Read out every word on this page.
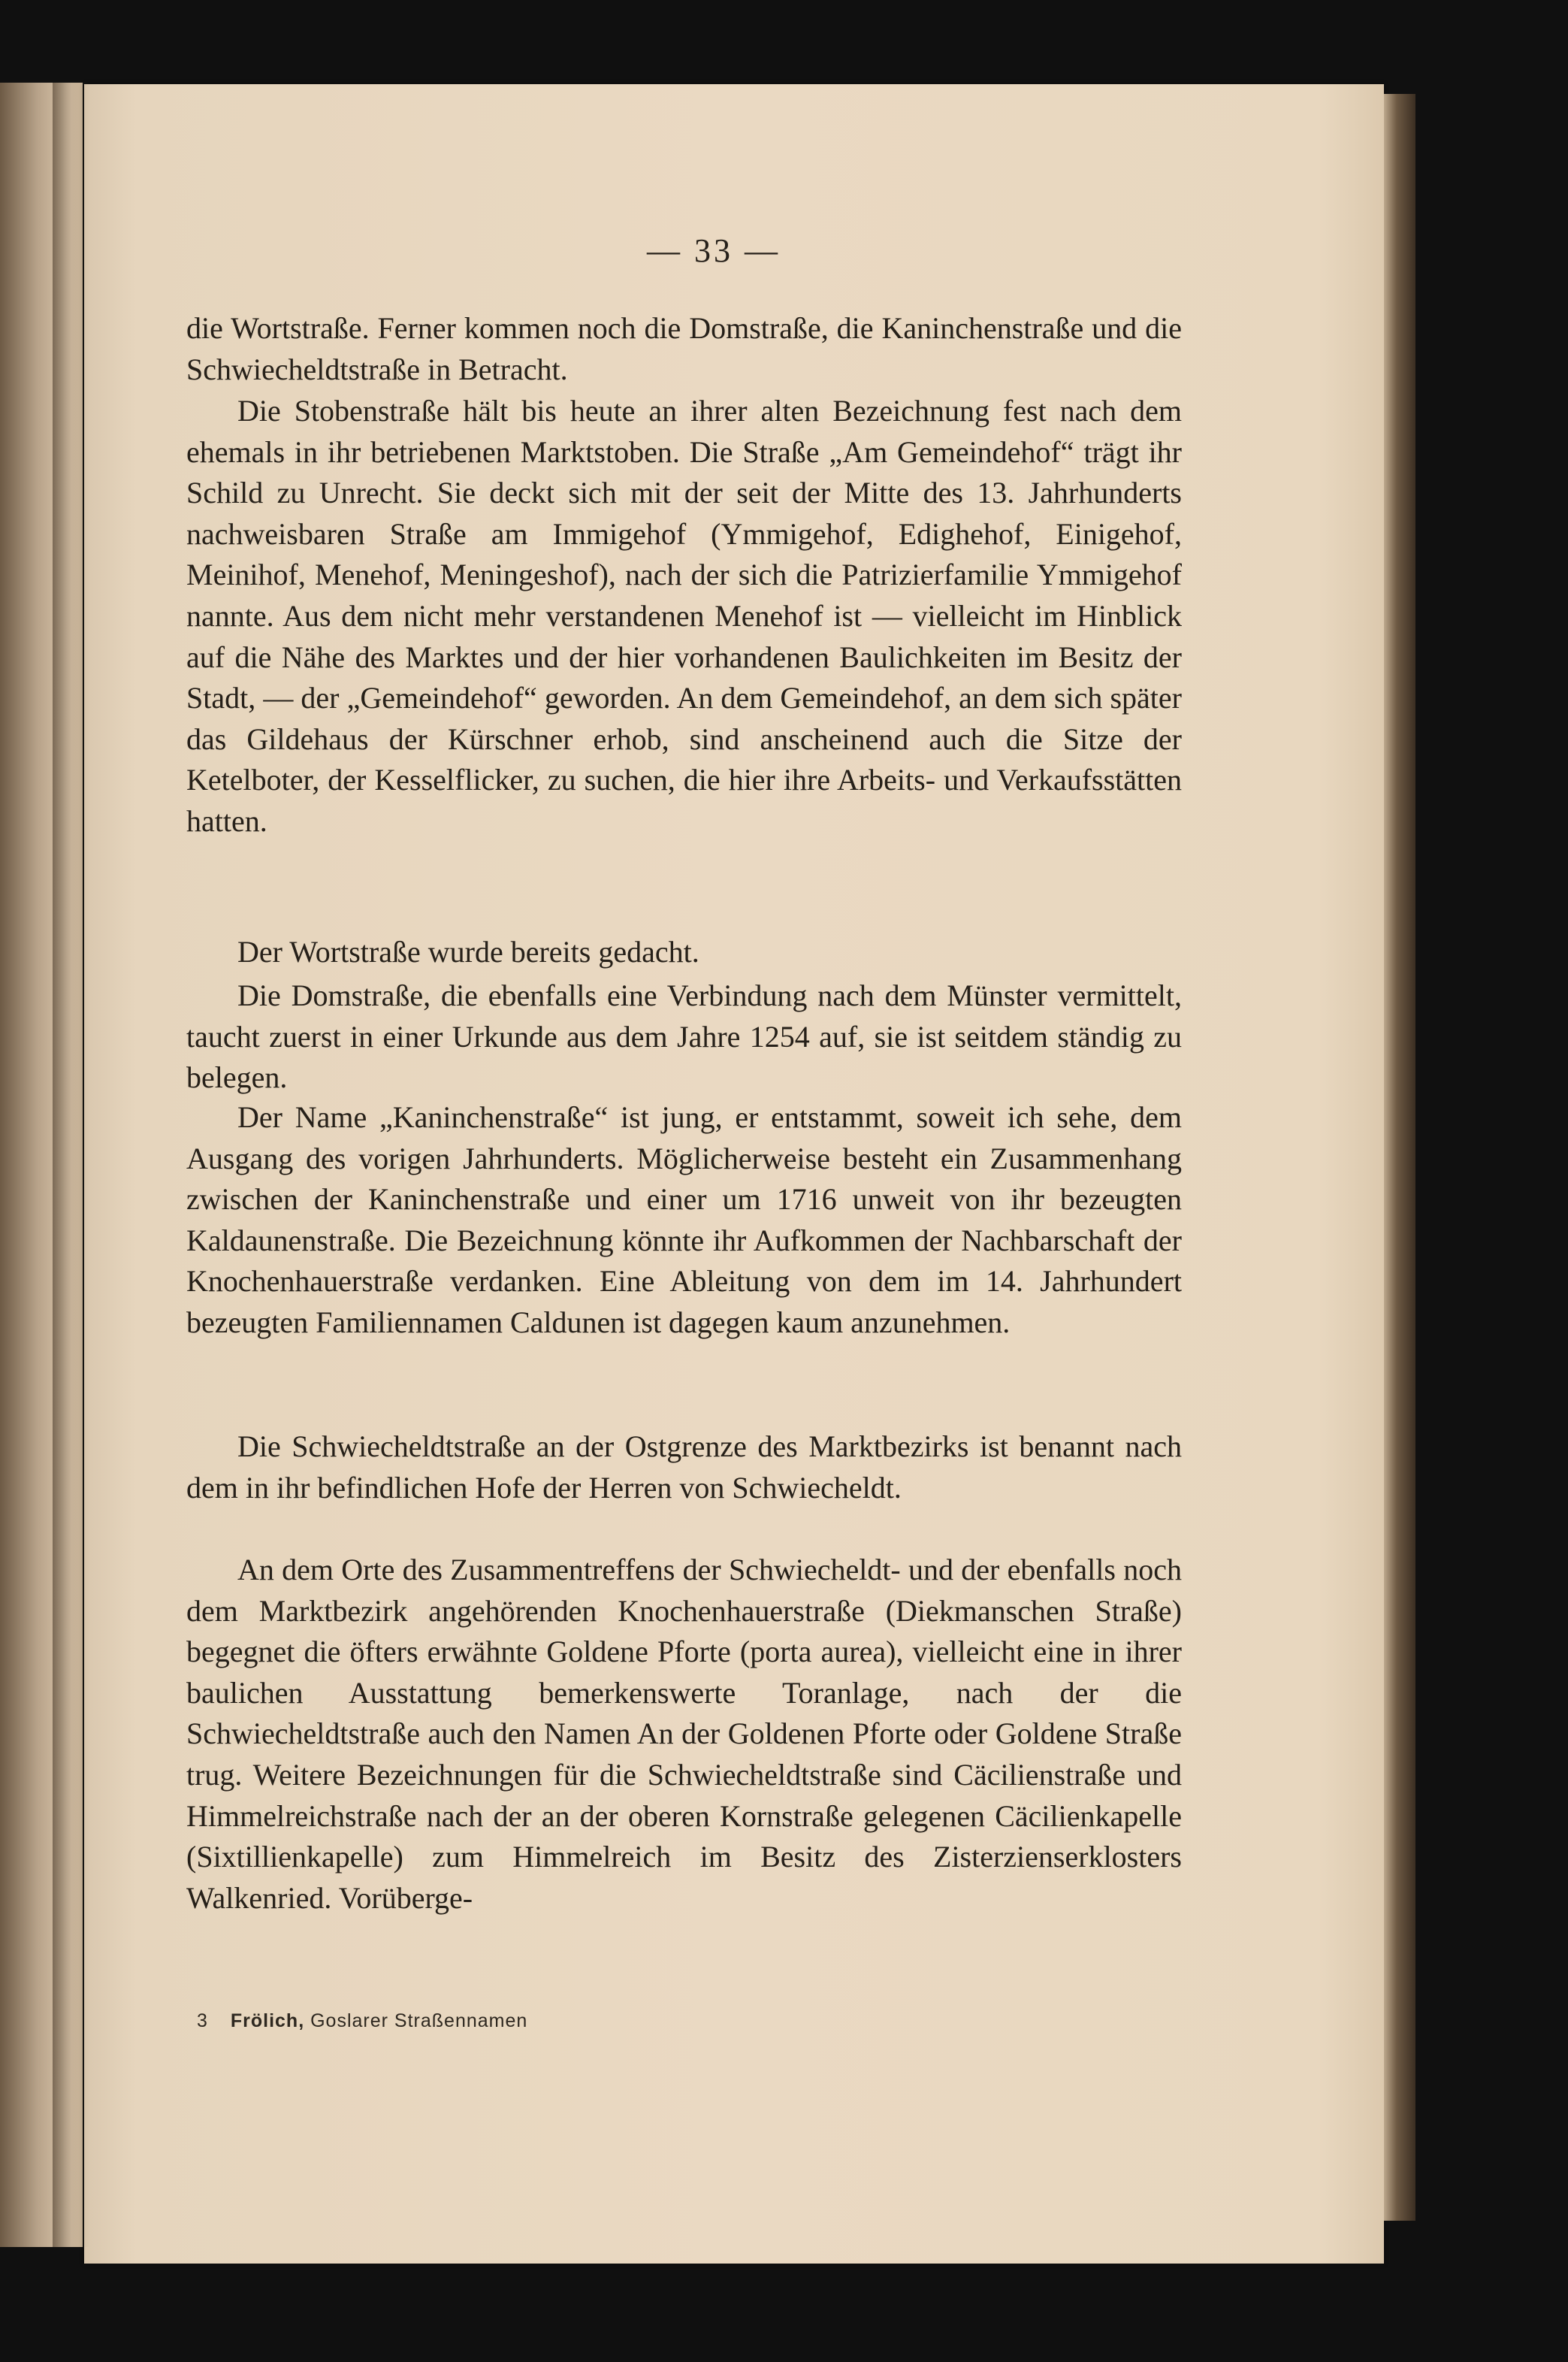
— 33 —
die Wortstraße. Ferner kommen noch die Domstraße, die Kaninchenstraße und die Schwiecheldtstraße in Betracht.
Die Stobenstraße hält bis heute an ihrer alten Bezeichnung fest nach dem ehemals in ihr betriebenen Marktstoben. Die Straße „Am Gemeindehof“ trägt ihr Schild zu Unrecht. Sie deckt sich mit der seit der Mitte des 13. Jahrhunderts nachweisbaren Straße am Immigehof (Ymmigehof, Edighehof, Einigehof, Meinihof, Menehof, Meningeshof), nach der sich die Patrizierfamilie Ymmigehof nannte. Aus dem nicht mehr verstandenen Menehof ist — vielleicht im Hinblick auf die Nähe des Marktes und der hier vorhandenen Baulichkeiten im Besitz der Stadt, — der „Gemeindehof“ geworden. An dem Gemeindehof, an dem sich später das Gildehaus der Kürschner erhob, sind anscheinend auch die Sitze der Ketelboter, der Kesselflicker, zu suchen, die hier ihre Arbeits- und Verkaufsstätten hatten.
Der Wortstraße wurde bereits gedacht.
Die Domstraße, die ebenfalls eine Verbindung nach dem Münster vermittelt, taucht zuerst in einer Urkunde aus dem Jahre 1254 auf, sie ist seitdem ständig zu belegen.
Der Name „Kaninchenstraße“ ist jung, er entstammt, soweit ich sehe, dem Ausgang des vorigen Jahrhunderts. Möglicherweise besteht ein Zusammenhang zwischen der Kaninchenstraße und einer um 1716 unweit von ihr bezeugten Kaldaunenstraße. Die Bezeichnung könnte ihr Aufkommen der Nachbarschaft der Knochenhauerstraße verdanken. Eine Ableitung von dem im 14. Jahrhundert bezeugten Familiennamen Caldunen ist dagegen kaum anzunehmen.
Die Schwiecheldtstraße an der Ostgrenze des Marktbezirks ist benannt nach dem in ihr befindlichen Hofe der Herren von Schwiecheldt.
An dem Orte des Zusammentreffens der Schwiecheldt- und der ebenfalls noch dem Marktbezirk angehörenden Knochenhauerstraße (Diekmanschen Straße) begegnet die öfters erwähnte Goldene Pforte (porta aurea), vielleicht eine in ihrer baulichen Ausstattung bemerkenswerte Toranlage, nach der die Schwiecheldtstraße auch den Namen An der Goldenen Pforte oder Goldene Straße trug. Weitere Bezeichnungen für die Schwiecheldtstraße sind Cäcilienstraße und Himmelreichstraße nach der an der oberen Kornstraße gelegenen Cäcilienkapelle (Sixtillienkapelle) zum Himmelreich im Besitz des Zisterzienserklosters Walkenried. Vorüberge-
3 Frölich, Goslarer Straßennamen
